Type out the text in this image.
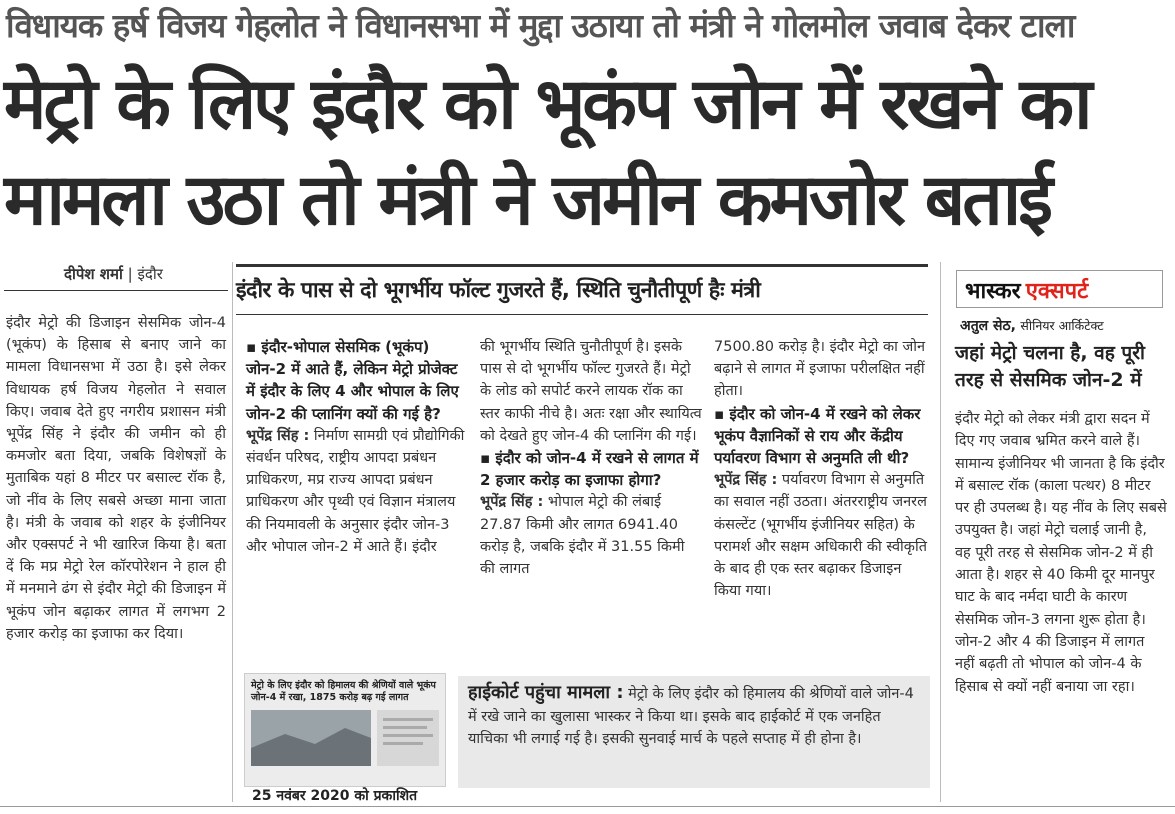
विधायक हर्ष विजय गेहलोत ने विधानसभा में मुद्दा उठाया तो मंत्री ने गोलमोल जवाब देकर टाला
मेट्रो के लिए इंदौर को भूकंप जोन में रखने का
मामला उठा तो मंत्री ने जमीन कमजोर बताई
दीपेश शर्मा | इंदौर

इंदौर मेट्रो की डिजाइन सेसमिक जोन-4 (भूकंप) के हिसाब से बनाए जाने का मामला विधानसभा में उठा है। इसे लेकर विधायक हर्ष विजय गेहलोत ने सवाल किए। जवाब देते हुए नगरीय प्रशासन मंत्री भूपेंद्र सिंह ने इंदौर की जमीन को ही कमजोर बता दिया, जबकि विशेषज्ञों के मुताबिक यहां 8 मीटर पर बसाल्ट रॉक है, जो नींव के लिए सबसे अच्छा माना जाता है। मंत्री के जवाब को शहर के इंजीनियर और एक्सपर्ट ने भी खारिज किया है। बता दें कि मप्र मेट्रो रेल कॉरपोरेशन ने हाल ही में मनमाने ढंग से इंदौर मेट्रो की डिजाइन में भूकंप जोन बढ़ाकर लागत में लगभग 2 हजार करोड़ का इजाफा कर दिया।

इंदौर के पास से दो भूगर्भीय फॉल्ट गुजरते हैं, स्थिति चुनौतीपूर्ण हैः मंत्री

▪ इंदौर-भोपाल सेसमिक (भूकंप) जोन-2 में आते हैं, लेकिन मेट्रो प्रोजेक्ट में इंदौर के लिए 4 और भोपाल के लिए जोन-2 की प्लानिंग क्यों की गई है?

भूपेंद्र सिंह : निर्माण सामग्री एवं प्रौद्योगिकी संवर्धन परिषद, राष्ट्रीय आपदा प्रबंधन प्राधिकरण, मप्र राज्य आपदा प्रबंधन प्राधिकरण और पृथ्वी एवं विज्ञान मंत्रालय की नियमावली के अनुसार इंदौर जोन-3 और भोपाल जोन-2 में आते हैं। इंदौर

की भूगर्भीय स्थिति चुनौतीपूर्ण है। इसके पास से दो भूगर्भीय फॉल्ट गुजरते हैं। मेट्रो के लोड को सपोर्ट करने लायक रॉक का स्तर काफी नीचे है। अतः रक्षा और स्थायित्व को देखते हुए जोन-4 की प्लानिंग की गई।

▪ इंदौर को जोन-4 में रखने से लागत में 2 हजार करोड़ का इजाफा होगा?

भूपेंद्र सिंह : भोपाल मेट्रो की लंबाई 27.87 किमी और लागत 6941.40 करोड़ है, जबकि इंदौर में 31.55 किमी की लागत

7500.80 करोड़ है। इंदौर मेट्रो का जोन बढ़ाने से लागत में इजाफा परीलक्षित नहीं होता।

▪ इंदौर को जोन-4 में रखने को लेकर भूकंप वैज्ञानिकों से राय और केंद्रीय पर्यावरण विभाग से अनुमति ली थी?

भूपेंद्र सिंह : पर्यावरण विभाग से अनुमति का सवाल नहीं उठता। अंतरराष्ट्रीय जनरल कंसल्टेंट (भूगर्भीय इंजीनियर सहित) के परामर्श और सक्षम अधिकारी की स्वीकृति के बाद ही एक स्तर बढ़ाकर डिजाइन किया गया।

मेट्रो के लिए इंदौर को हिमालय की श्रेणियों वाले भूकंप जोन-4 में रखा, 1875 करोड़ बढ़ गई लागत
25 नवंबर 2020 को प्रकाशित
हाईकोर्ट पहुंचा मामला : मेट्रो के लिए इंदौर को हिमालय की श्रेणियों वाले जोन-4 में रखे जाने का खुलासा भास्कर ने किया था। इसके बाद हाईकोर्ट में एक जनहित याचिका भी लगाई गई है। इसकी सुनवाई मार्च के पहले सप्ताह में ही होना है।
भास्कर एक्सपर्ट
अतुल सेठ, सीनियर आर्किटेक्ट
जहां मेट्रो चलना है, वह पूरी तरह से सेसमिक जोन-2 में

इंदौर मेट्रो को लेकर मंत्री द्वारा सदन में दिए गए जवाब भ्रमित करने वाले हैं। सामान्य इंजीनियर भी जानता है कि इंदौर में बसाल्ट रॉक (काला पत्थर) 8 मीटर पर ही उपलब्ध है। यह नींव के लिए सबसे उपयुक्त है। जहां मेट्रो चलाई जानी है, वह पूरी तरह से सेसमिक जोन-2 में ही आता है। शहर से 40 किमी दूर मानपुर घाट के बाद नर्मदा घाटी के कारण सेसमिक जोन-3 लगना शुरू होता है। जोन-2 और 4 की डिजाइन में लागत नहीं बढ़ती तो भोपाल को जोन-4 के हिसाब से क्यों नहीं बनाया जा रहा।
